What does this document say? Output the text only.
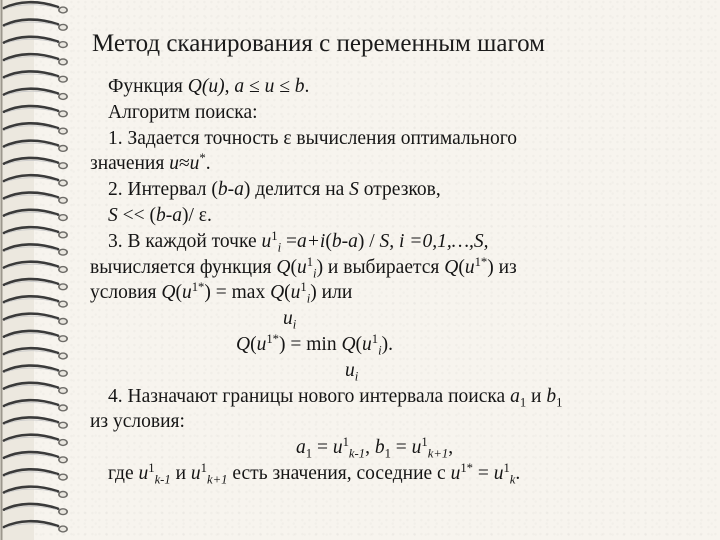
Метод сканирования с переменным шагом
Функция Q(u), a ≤ u ≤ b.
Алгоритм поиска:
1. Задается точность ε вычисления оптимального
значения u≈u*.
2. Интервал (b-a) делится на S отрезков,
S << (b-a)/ ε.
3. В каждой точке $u^1_i =a+i(b-a) / S$, i =0,1,…,S,
вычисляется функция $Q(u^1_i)$ и выбирается $Q(u^{1*})$ из
условия $Q(u^{1*}) = \max Q(u^1_i)$ или
$u_i$
$Q(u^{1*}) = \min Q(u^1_i)$.
$u_i$
4. Назначают границы нового интервала поиска $a_1$ и $b_1$
из условия:
$a_1 = u^1_{k-1}$, $b_1 = u^1_{k+1}$,
где $u^1_{k-1}$ и $u^1_{k+1}$ есть значения, соседние с $u^{1*} = u^1_k$.
